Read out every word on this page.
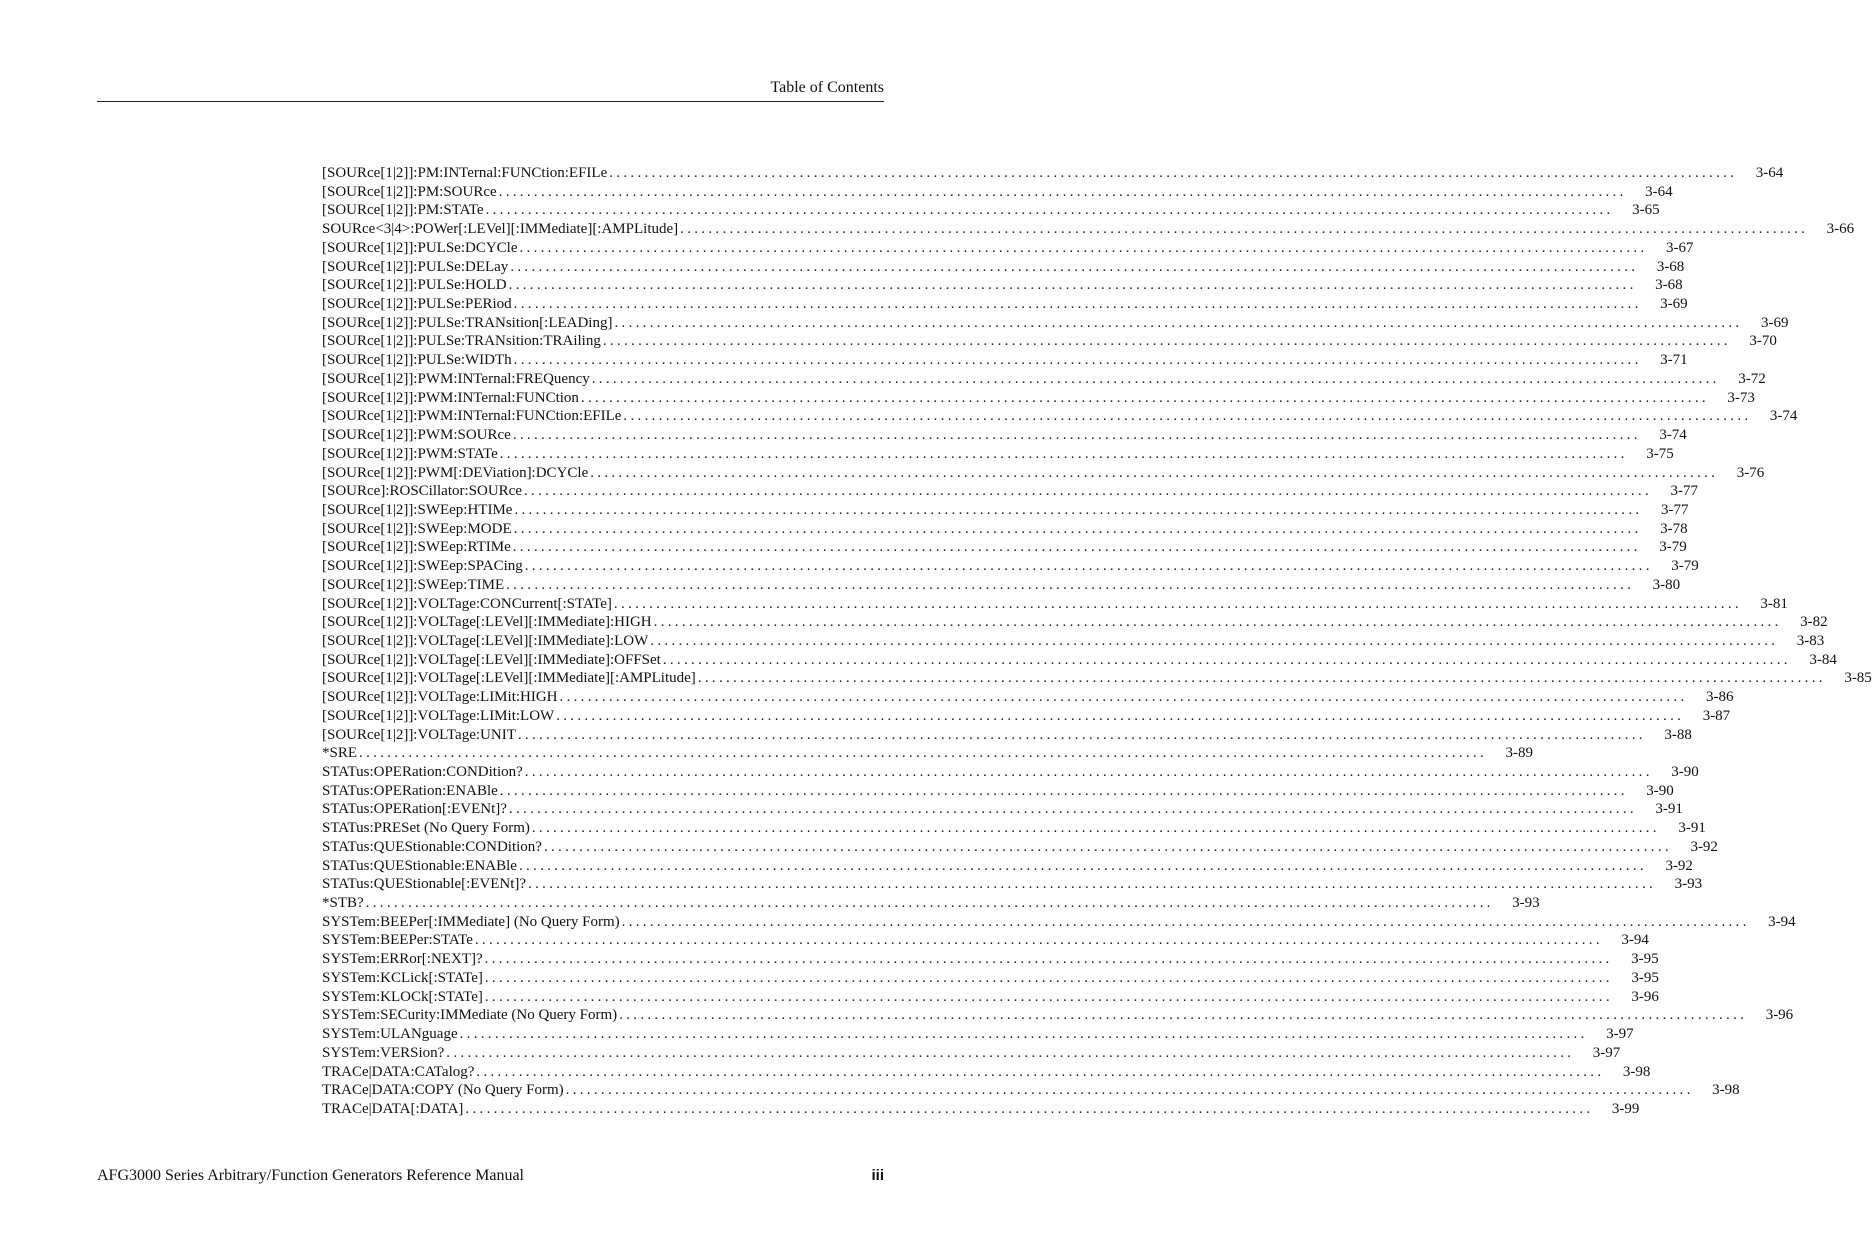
Table of Contents
[SOURce[1|2]]:PM:INTernal:FUNCtion:EFILe ................................................................................................................................................................ 3-64
[SOURce[1|2]]:PM:SOURce ................................................................................................................................................................ 3-64
[SOURce[1|2]]:PM:STATe ................................................................................................................................................................ 3-65
SOURce<3|4>:POWer[:LEVel][:IMMediate][:AMPLitude] ................................................................................................................................................................ 3-66
[SOURce[1|2]]:PULSe:DCYCle ................................................................................................................................................................ 3-67
[SOURce[1|2]]:PULSe:DELay ................................................................................................................................................................ 3-68
[SOURce[1|2]]:PULSe:HOLD ................................................................................................................................................................ 3-68
[SOURce[1|2]]:PULSe:PERiod ................................................................................................................................................................ 3-69
[SOURce[1|2]]:PULSe:TRANsition[:LEADing] ................................................................................................................................................................ 3-69
[SOURce[1|2]]:PULSe:TRANsition:TRAiling ................................................................................................................................................................ 3-70
[SOURce[1|2]]:PULSe:WIDTh ................................................................................................................................................................ 3-71
[SOURce[1|2]]:PWM:INTernal:FREQuency ................................................................................................................................................................ 3-72
[SOURce[1|2]]:PWM:INTernal:FUNCtion ................................................................................................................................................................ 3-73
[SOURce[1|2]]:PWM:INTernal:FUNCtion:EFILe ................................................................................................................................................................ 3-74
[SOURce[1|2]]:PWM:SOURce ................................................................................................................................................................ 3-74
[SOURce[1|2]]:PWM:STATe ................................................................................................................................................................ 3-75
[SOURce[1|2]]:PWM[:DEViation]:DCYCle ................................................................................................................................................................ 3-76
[SOURce]:ROSCillator:SOURce ................................................................................................................................................................ 3-77
[SOURce[1|2]]:SWEep:HTIMe ................................................................................................................................................................ 3-77
[SOURce[1|2]]:SWEep:MODE ................................................................................................................................................................ 3-78
[SOURce[1|2]]:SWEep:RTIMe ................................................................................................................................................................ 3-79
[SOURce[1|2]]:SWEep:SPACing ................................................................................................................................................................ 3-79
[SOURce[1|2]]:SWEep:TIME ................................................................................................................................................................ 3-80
[SOURce[1|2]]:VOLTage:CONCurrent[:STATe] ................................................................................................................................................................ 3-81
[SOURce[1|2]]:VOLTage[:LEVel][:IMMediate]:HIGH ................................................................................................................................................................ 3-82
[SOURce[1|2]]:VOLTage[:LEVel][:IMMediate]:LOW ................................................................................................................................................................ 3-83
[SOURce[1|2]]:VOLTage[:LEVel][:IMMediate]:OFFSet ................................................................................................................................................................ 3-84
[SOURce[1|2]]:VOLTage[:LEVel][:IMMediate][:AMPLitude] ................................................................................................................................................................ 3-85
[SOURce[1|2]]:VOLTage:LIMit:HIGH ................................................................................................................................................................ 3-86
[SOURce[1|2]]:VOLTage:LIMit:LOW ................................................................................................................................................................ 3-87
[SOURce[1|2]]:VOLTage:UNIT ................................................................................................................................................................ 3-88
*SRE ................................................................................................................................................................ 3-89
STATus:OPERation:CONDition? ................................................................................................................................................................ 3-90
STATus:OPERation:ENABle ................................................................................................................................................................ 3-90
STATus:OPERation[:EVENt]? ................................................................................................................................................................ 3-91
STATus:PRESet (No Query Form) ................................................................................................................................................................ 3-91
STATus:QUEStionable:CONDition? ................................................................................................................................................................ 3-92
STATus:QUEStionable:ENABle ................................................................................................................................................................ 3-92
STATus:QUEStionable[:EVENt]? ................................................................................................................................................................ 3-93
*STB? ................................................................................................................................................................ 3-93
SYSTem:BEEPer[:IMMediate] (No Query Form) ................................................................................................................................................................ 3-94
SYSTem:BEEPer:STATe ................................................................................................................................................................ 3-94
SYSTem:ERRor[:NEXT]? ................................................................................................................................................................ 3-95
SYSTem:KCLick[:STATe] ................................................................................................................................................................ 3-95
SYSTem:KLOCk[:STATe] ................................................................................................................................................................ 3-96
SYSTem:SECurity:IMMediate (No Query Form) ................................................................................................................................................................ 3-96
SYSTem:ULANguage ................................................................................................................................................................ 3-97
SYSTem:VERSion? ................................................................................................................................................................ 3-97
TRACe|DATA:CATalog? ................................................................................................................................................................ 3-98
TRACe|DATA:COPY (No Query Form) ................................................................................................................................................................ 3-98
TRACe|DATA[:DATA] ................................................................................................................................................................ 3-99
AFG3000 Series Arbitrary/Function Generators Reference Manual	iii
